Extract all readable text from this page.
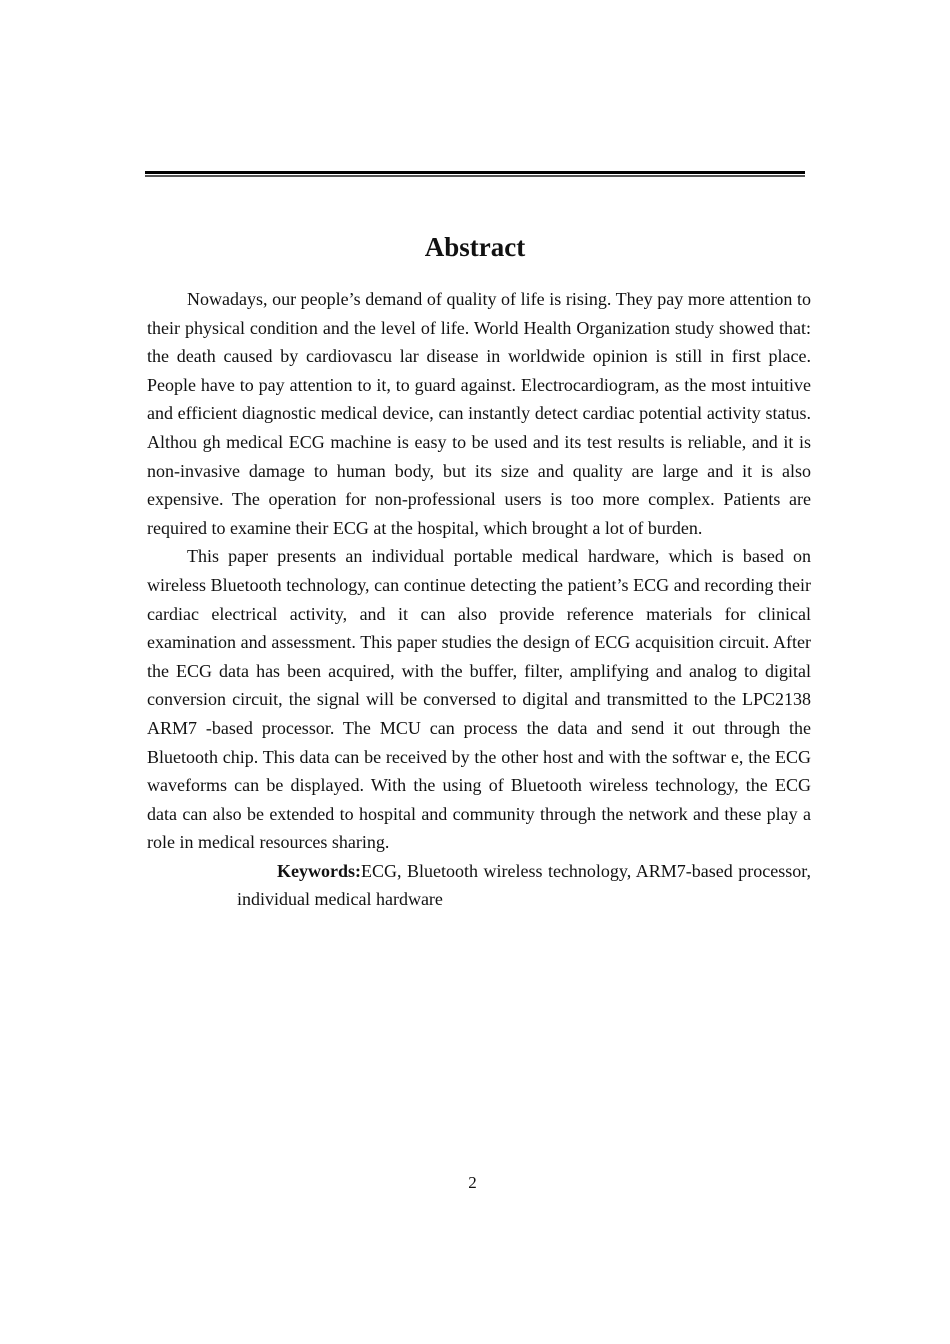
Abstract

Nowadays, our people’s demand of quality of life is rising. They pay more attention to their physical condition and the level of life. World Health Organization study showed that: the death caused by cardiovascu lar disease in worldwide opinion is still in first place. People have to pay attention to it, to guard against. Electrocardiogram, as the most intuitive and efficient diagnostic medical device, can instantly detect cardiac potential activity status. Althou gh medical ECG machine is easy to be used and its test results is reliable, and it is non-invasive damage to human body, but its size and quality are large and it is also expensive. The operation for non-professional users is too more complex. Patients are required to examine their ECG at the hospital, which brought a lot of burden.

This paper presents an individual portable medical hardware, which is based on wireless Bluetooth technology, can continue detecting the patient’s ECG and recording their cardiac electrical activity, and it can also provide reference materials for clinical examination and assessment. This paper studies the design of ECG acquisition circuit. After the ECG data has been acquired, with the buffer, filter, amplifying and analog to digital conversion circuit, the signal will be conversed to digital and transmitted to the LPC2138 ARM7 -based processor. The MCU can process the data and send it out through the Bluetooth chip. This data can be received by the other host and with the softwar e, the ECG waveforms can be displayed. With the using of Bluetooth wireless technology, the ECG data can also be extended to hospital and community through the network and these play a role in medical resources sharing.

Keywords:ECG, Bluetooth wireless technology, ARM7-based processor, individual medical hardware

2
